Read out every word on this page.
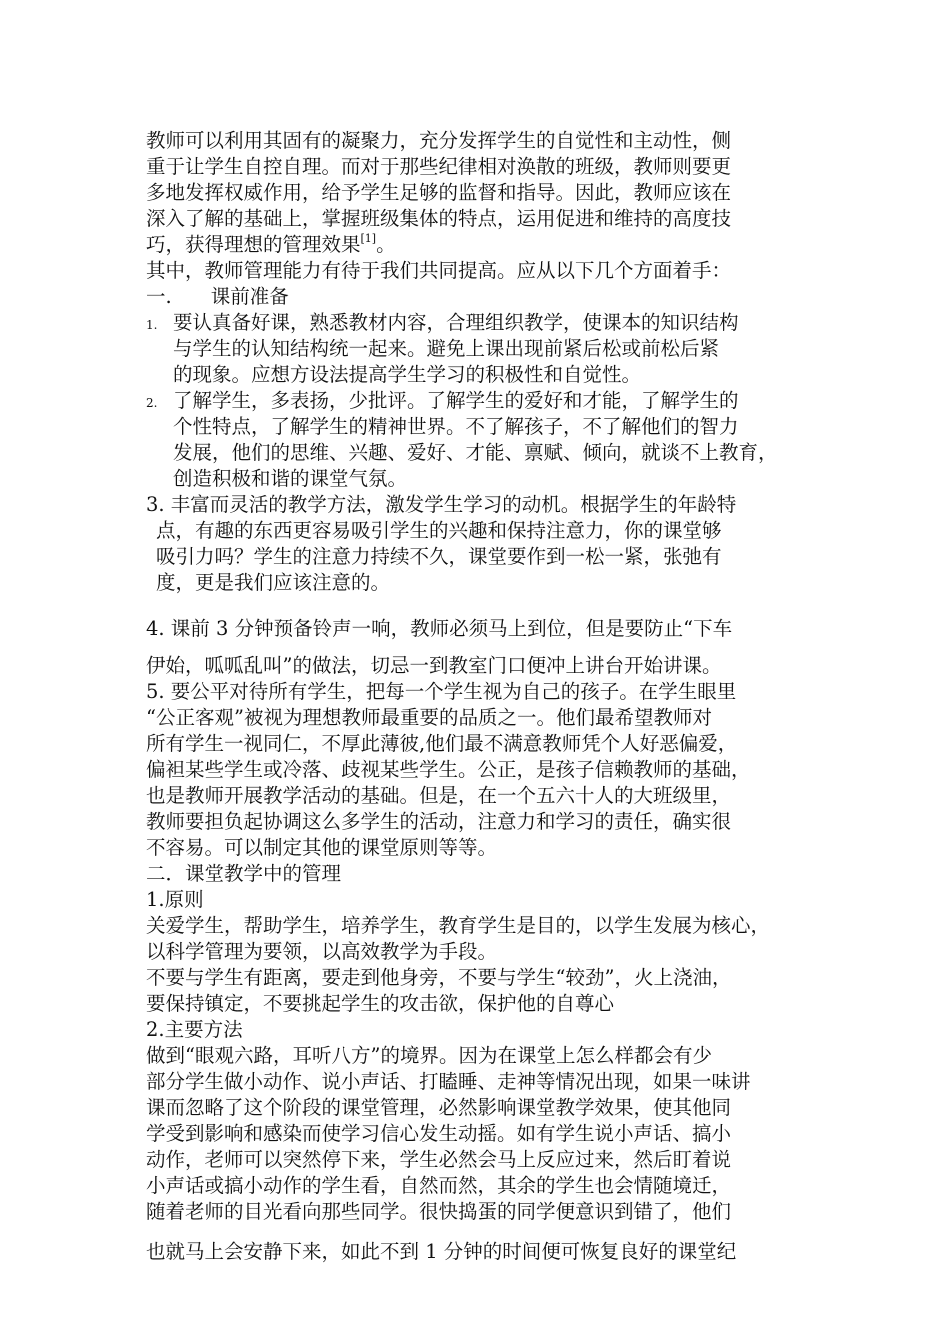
教师可以利用其固有的凝聚力，充分发挥学生的自觉性和主动性，侧
重于让学生自控自理。而对于那些纪律相对涣散的班级，教师则要更
多地发挥权威作用，给予学生足够的监督和指导。因此，教师应该在
深入了解的基础上，掌握班级集体的特点，运用促进和维持的高度技
巧，获得理想的管理效果[1]。
其中，教师管理能力有待于我们共同提高。应从以下几个方面着手：
一.　　课前准备
1. 要认真备好课，熟悉教材内容，合理组织教学，使课本的知识结构
与学生的认知结构统一起来。避免上课出现前紧后松或前松后紧
的现象。应想方设法提高学生学习的积极性和自觉性。
2. 了解学生，多表扬，少批评。了解学生的爱好和才能，了解学生的
个性特点，了解学生的精神世界。不了解孩子，不了解他们的智力
发展，他们的思维、兴趣、爱好、才能、禀赋、倾向，就谈不上教育，
创造积极和谐的课堂气氛。
3. 丰富而灵活的教学方法，激发学生学习的动机。根据学生的年龄特
点，有趣的东西更容易吸引学生的兴趣和保持注意力，你的课堂够
吸引力吗？学生的注意力持续不久，课堂要作到一松一紧，张弛有
度，更是我们应该注意的。
4. 课前 3 分钟预备铃声一响，教师必须马上到位，但是要防止“下车
伊始，呱呱乱叫”的做法，切忌一到教室门口便冲上讲台开始讲课。
5. 要公平对待所有学生，把每一个学生视为自己的孩子。在学生眼里
“公正客观”被视为理想教师最重要的品质之一。他们最希望教师对
所有学生一视同仁，不厚此薄彼,他们最不满意教师凭个人好恶偏爱，
偏袒某些学生或冷落、歧视某些学生。公正，是孩子信赖教师的基础，
也是教师开展教学活动的基础。但是，在一个五六十人的大班级里，
教师要担负起协调这么多学生的活动，注意力和学习的责任，确实很
不容易。可以制定其他的课堂原则等等。
二．课堂教学中的管理
1.原则
关爱学生，帮助学生，培养学生，教育学生是目的，以学生发展为核心，
以科学管理为要领，以高效教学为手段。
不要与学生有距离，要走到他身旁，不要与学生“较劲”，火上浇油，
要保持镇定，不要挑起学生的攻击欲，保护他的自尊心
2.主要方法
做到“眼观六路，耳听八方”的境界。因为在课堂上怎么样都会有少
部分学生做小动作、说小声话、打瞌睡、走神等情况出现，如果一味讲
课而忽略了这个阶段的课堂管理，必然影响课堂教学效果，使其他同
学受到影响和感染而使学习信心发生动摇。如有学生说小声话、搞小
动作，老师可以突然停下来，学生必然会马上反应过来，然后盯着说
小声话或搞小动作的学生看，自然而然，其余的学生也会情随境迁，
随着老师的目光看向那些同学。很快捣蛋的同学便意识到错了，他们
也就马上会安静下来，如此不到 1 分钟的时间便可恢复良好的课堂纪
